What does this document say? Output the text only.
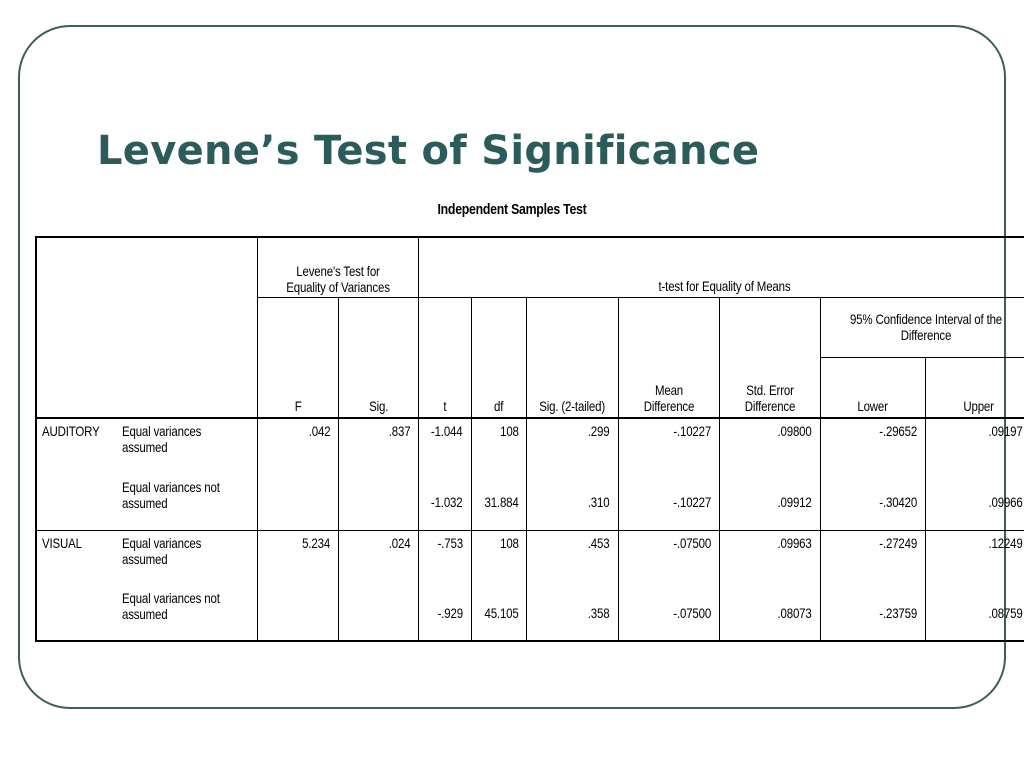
Levene’s Test of Significance
Independent Samples Test
		Levene's Test for Equality of Variances		t-test for Equality of Means						
		F	Sig.	t	df	Sig. (2-tailed)	Mean Difference	Std. Error Difference	95% Confidence Interval of the Difference	
									Lower	Upper
AUDITORY	Equal variances assumed	.042	.837	-1.044	108	.299	-.10227	.09800	-.29652	.09197
	Equal variances not assumed			-1.032	31.884	.310	-.10227	.09912	-.30420	.09966
VISUAL	Equal variances assumed	5.234	.024	-.753	108	.453	-.07500	.09963	-.27249	.12249
	Equal variances not assumed			-.929	45.105	.358	-.07500	.08073	-.23759	.08759
